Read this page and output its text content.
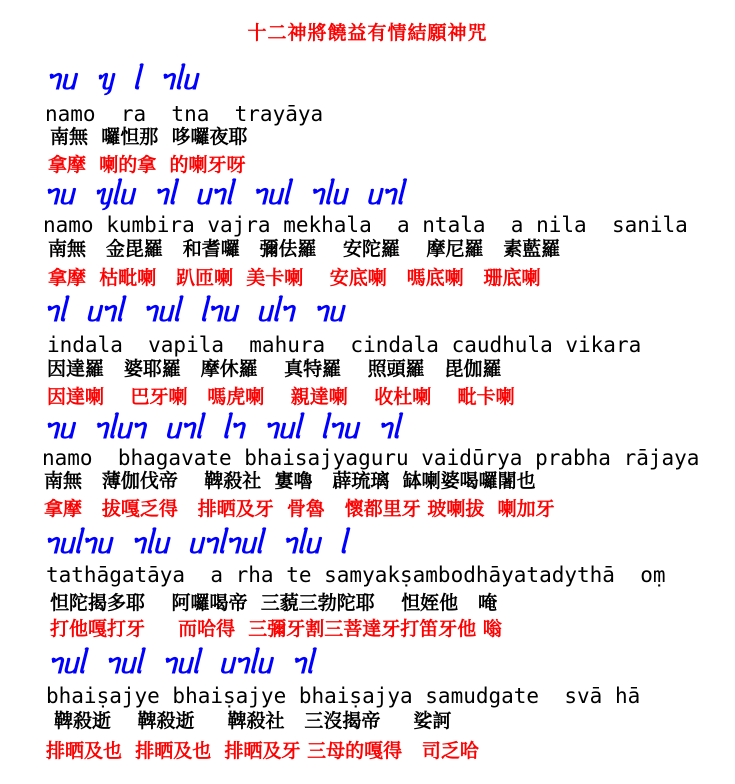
十二神將饒益有情結願神咒
ᥐᥙ  ᥡ  ᥣ  ᥐᥣᥙ
namo  ra  tna  trayāya
南無  囉怛那  哆囉夜耶
拿摩  喇的拿  的喇牙呀
ᥐᥙ  ᥡᥣᥙ  ᥐᥣ  ᥙᥐᥣ  ᥐᥙᥣ  ᥐᥣᥙ  ᥙᥐᥣ
namo kumbira vajra mekhala  a ntala  a nila  sanila
南無   金毘羅   和耆囉   彌佉羅    安陀羅    摩尼羅   素藍羅
拿摩  枯毗喇   趴匝喇  美卡喇    安底喇   嗎底喇   珊底喇
ᥐᥣ  ᥙᥐᥣ  ᥐᥙᥣ  ᥣᥐᥙ  ᥙᥣᥐ  ᥐᥙ
indala  vapila  mahura  cindala caudhula vikara
因達羅   婆耶羅   摩休羅    真特羅    照頭羅   毘伽羅
因達喇    巴牙喇   嗎虎喇    親達喇    收杜喇    毗卡喇
ᥐᥙ  ᥐᥣᥙᥐ  ᥙᥐᥣ  ᥣᥐ  ᥐᥙᥣ  ᥣᥐᥙ  ᥐᥣ
namo  bhagavate bhaisajyaguru vaidūrya prabha rājaya
南無   薄伽伐帝    鞞殺社  寠嚕   薜琉璃  缽喇婆喝囉闍也
拿摩   拔嘎乏得   排晒及牙  骨魯   懷都里牙 玻喇拔  喇加牙
ᥐᥙᥣᥐᥙ  ᥐᥣᥙ  ᥙᥐᥣᥐᥙᥣ  ᥐᥣᥙ  ᥣ
tathāgatāya  a rha te samyakṣambodhāyatadythā  oṃ
怛陀揭多耶    阿囉喝帝  三藐三勃陀耶    怛姪他   唵
打他嘎打牙     而哈得  三彌牙割三菩達牙打笛牙他 嗡
ᥐᥙᥣ  ᥐᥙᥣ  ᥐᥙᥣ  ᥙᥐᥣᥙ  ᥐᥣ
bhaiṣajye bhaiṣajye bhaiṣajya samudgate  svā hā
鞞殺逝    鞞殺逝     鞞殺社   三沒揭帝     娑訶
排晒及也  排晒及也  排晒及牙 三母的嘎得   司乏哈
